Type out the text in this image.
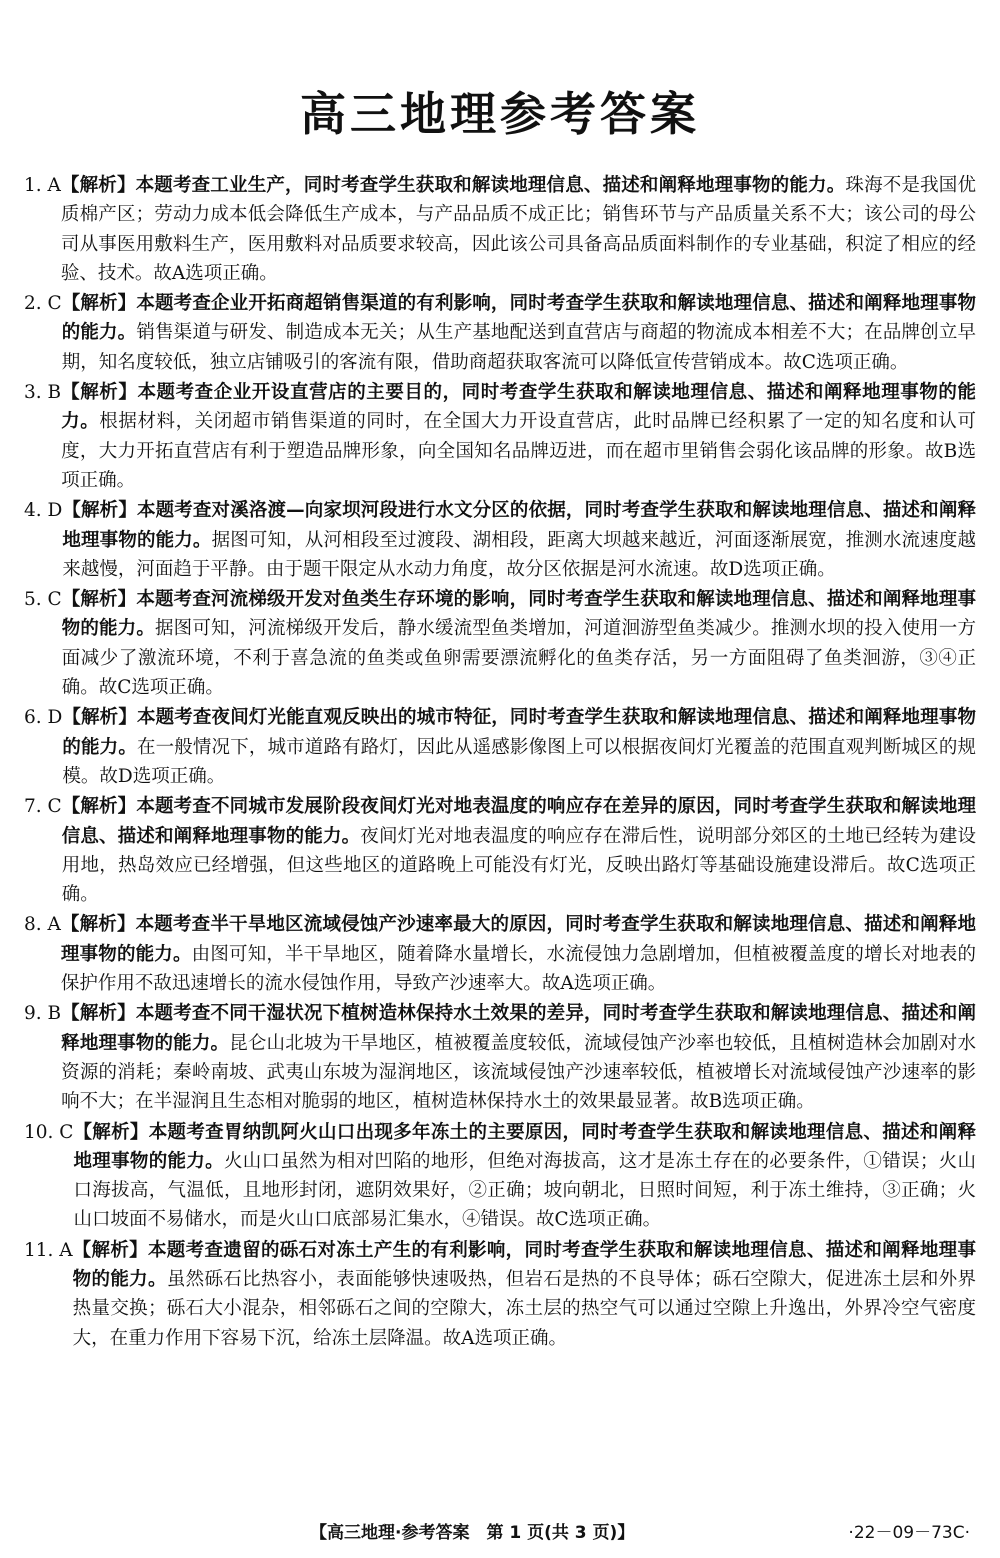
高三地理参考答案
1. A 【解析】本题考查工业生产，同时考查学生获取和解读地理信息、描述和阐释地理事物的能力。珠海不是我国优质棉产区；劳动力成本低会降低生产成本，与产品品质不成正比；销售环节与产品质量关系不大；该公司的母公司从事医用敷料生产，医用敷料对品质要求较高，因此该公司具备高品质面料制作的专业基础，积淀了相应的经验、技术。故A选项正确。
2. C 【解析】本题考查企业开拓商超销售渠道的有利影响，同时考查学生获取和解读地理信息、描述和阐释地理事物的能力。销售渠道与研发、制造成本无关；从生产基地配送到直营店与商超的物流成本相差不大；在品牌创立早期，知名度较低，独立店铺吸引的客流有限，借助商超获取客流可以降低宣传营销成本。故C选项正确。
3. B 【解析】本题考查企业开设直营店的主要目的，同时考查学生获取和解读地理信息、描述和阐释地理事物的能力。根据材料，关闭超市销售渠道的同时，在全国大力开设直营店，此时品牌已经积累了一定的知名度和认可度，大力开拓直营店有利于塑造品牌形象，向全国知名品牌迈进，而在超市里销售会弱化该品牌的形象。故B选项正确。
4. D 【解析】本题考查对溪洛渡—向家坝河段进行水文分区的依据，同时考查学生获取和解读地理信息、描述和阐释地理事物的能力。据图可知，从河相段至过渡段、湖相段，距离大坝越来越近，河面逐渐展宽，推测水流速度越来越慢，河面趋于平静。由于题干限定从水动力角度，故分区依据是河水流速。故D选项正确。
5. C 【解析】本题考查河流梯级开发对鱼类生存环境的影响，同时考查学生获取和解读地理信息、描述和阐释地理事物的能力。据图可知，河流梯级开发后，静水缓流型鱼类增加，河道洄游型鱼类减少。推测水坝的投入使用一方面减少了激流环境，不利于喜急流的鱼类或鱼卵需要漂流孵化的鱼类存活，另一方面阻碍了鱼类洄游，③④正确。故C选项正确。
6. D 【解析】本题考查夜间灯光能直观反映出的城市特征，同时考查学生获取和解读地理信息、描述和阐释地理事物的能力。在一般情况下，城市道路有路灯，因此从遥感影像图上可以根据夜间灯光覆盖的范围直观判断城区的规模。故D选项正确。
7. C 【解析】本题考查不同城市发展阶段夜间灯光对地表温度的响应存在差异的原因，同时考查学生获取和解读地理信息、描述和阐释地理事物的能力。夜间灯光对地表温度的响应存在滞后性，说明部分郊区的土地已经转为建设用地，热岛效应已经增强，但这些地区的道路晚上可能没有灯光，反映出路灯等基础设施建设滞后。故C选项正确。
8. A 【解析】本题考查半干旱地区流域侵蚀产沙速率最大的原因，同时考查学生获取和解读地理信息、描述和阐释地理事物的能力。由图可知，半干旱地区，随着降水量增长，水流侵蚀力急剧增加，但植被覆盖度的增长对地表的保护作用不敌迅速增长的流水侵蚀作用，导致产沙速率大。故A选项正确。
9. B 【解析】本题考查不同干湿状况下植树造林保持水土效果的差异，同时考查学生获取和解读地理信息、描述和阐释地理事物的能力。昆仑山北坡为干旱地区，植被覆盖度较低，流域侵蚀产沙率也较低，且植树造林会加剧对水资源的消耗；秦岭南坡、武夷山东坡为湿润地区，该流域侵蚀产沙速率较低，植被增长对流域侵蚀产沙速率的影响不大；在半湿润且生态相对脆弱的地区，植树造林保持水土的效果最显著。故B选项正确。
10. C 【解析】本题考查胃纳凯阿火山口出现多年冻土的主要原因，同时考查学生获取和解读地理信息、描述和阐释地理事物的能力。火山口虽然为相对凹陷的地形，但绝对海拔高，这才是冻土存在的必要条件，①错误；火山口海拔高，气温低，且地形封闭，遮阴效果好，②正确；坡向朝北，日照时间短，利于冻土维持，③正确；火山口坡面不易储水，而是火山口底部易汇集水，④错误。故C选项正确。
11. A 【解析】本题考查遗留的砾石对冻土产生的有利影响，同时考查学生获取和解读地理信息、描述和阐释地理事物的能力。虽然砾石比热容小，表面能够快速吸热，但岩石是热的不良导体；砾石空隙大，促进冻土层和外界热量交换；砾石大小混杂，相邻砾石之间的空隙大，冻土层的热空气可以通过空隙上升逸出，外界冷空气密度大，在重力作用下容易下沉，给冻土层降温。故A选项正确。
【高三地理·参考答案　第 1 页(共 3 页)】	·22－09－73C·
